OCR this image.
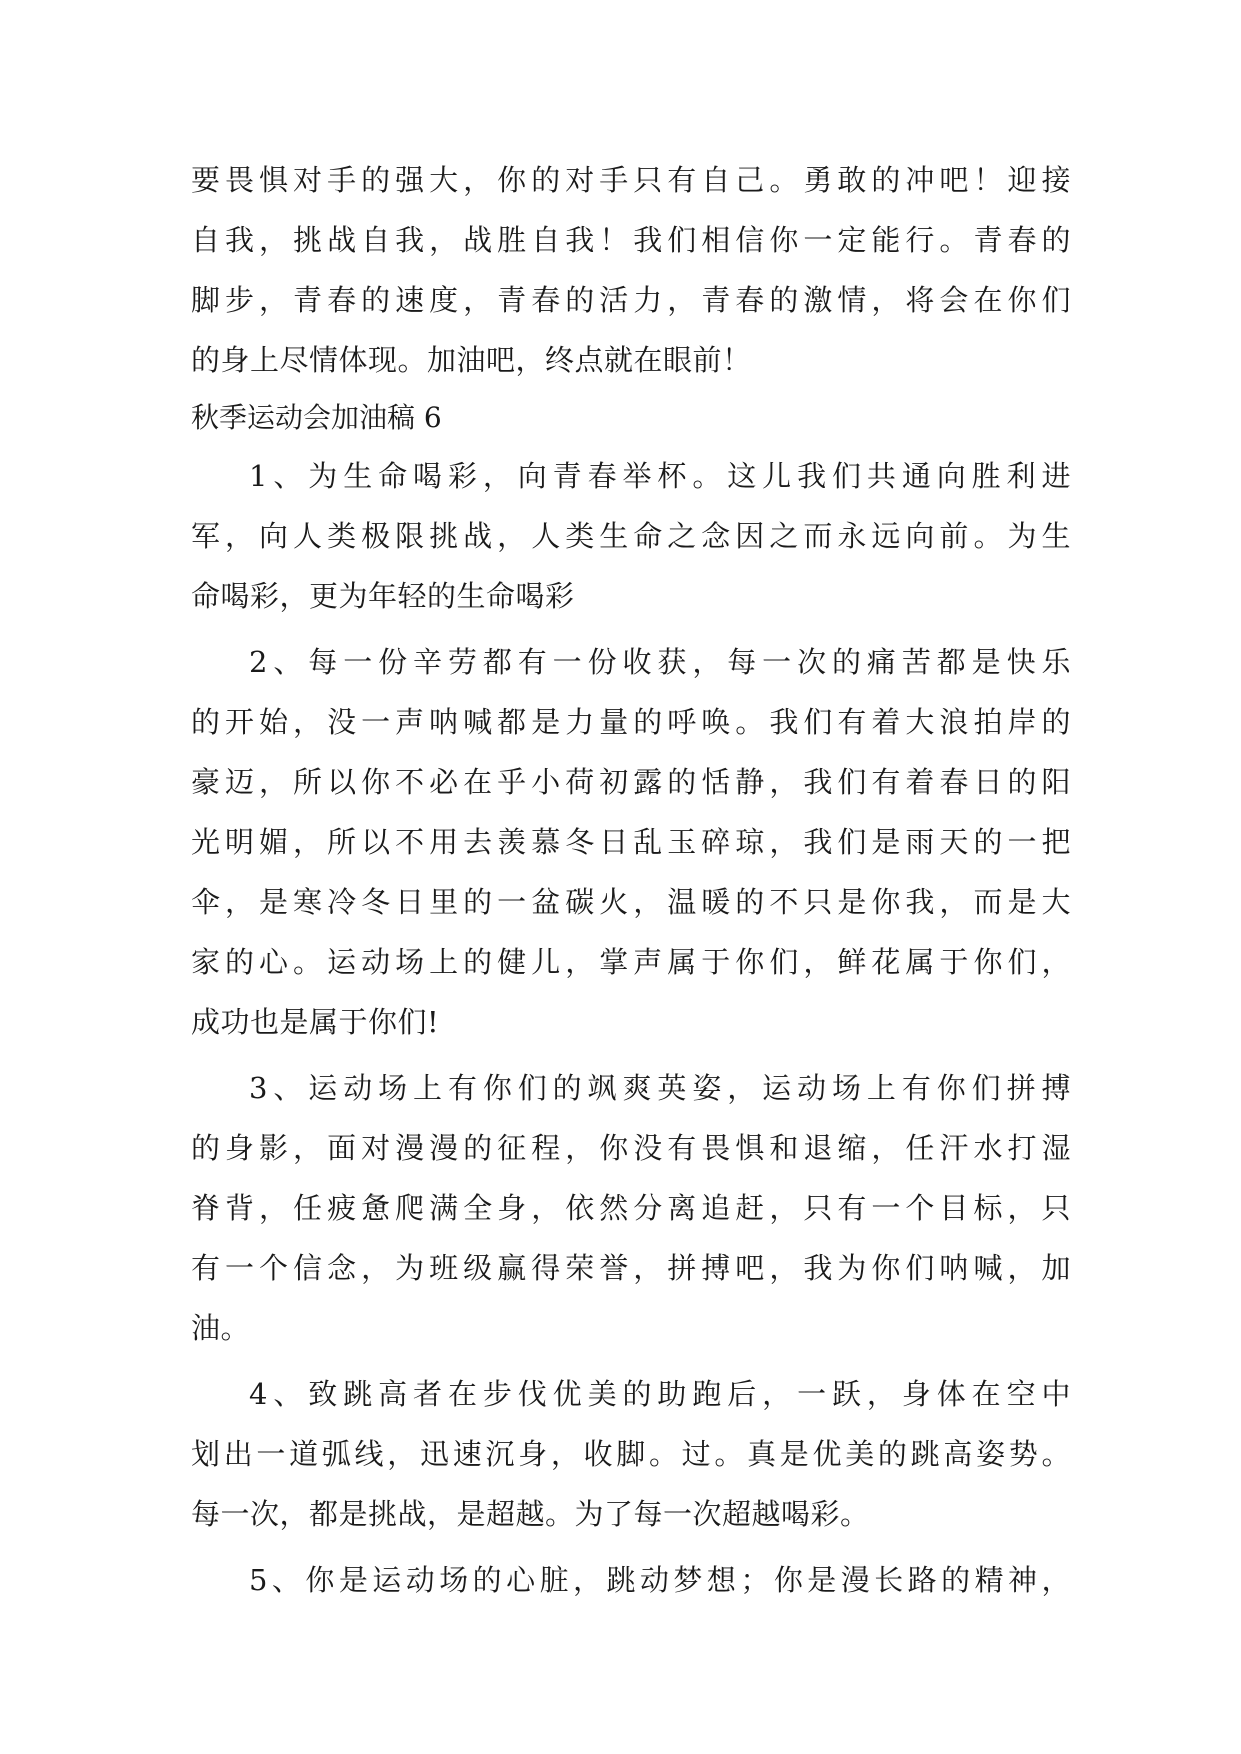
要畏惧对手的强大，你的对手只有自己。勇敢的冲吧！迎接
自我，挑战自我，战胜自我！我们相信你一定能行。青春的
脚步，青春的速度，青春的活力，青春的激情，将会在你们
的身上尽情体现。加油吧，终点就在眼前！
秋季运动会加油稿 6
1、为生命喝彩，向青春举杯。这儿我们共通向胜利进
军，向人类极限挑战，人类生命之念因之而永远向前。为生
命喝彩，更为年轻的生命喝彩
2、每一份辛劳都有一份收获，每一次的痛苦都是快乐
的开始，没一声呐喊都是力量的呼唤。我们有着大浪拍岸的
豪迈，所以你不必在乎小荷初露的恬静，我们有着春日的阳
光明媚，所以不用去羡慕冬日乱玉碎琼，我们是雨天的一把
伞，是寒冷冬日里的一盆碳火，温暖的不只是你我，而是大
家的心。运动场上的健儿，掌声属于你们，鲜花属于你们，
成功也是属于你们!
3、运动场上有你们的飒爽英姿，运动场上有你们拼搏
的身影，面对漫漫的征程，你没有畏惧和退缩，任汗水打湿
脊背，任疲惫爬满全身，依然分离追赶，只有一个目标，只
有一个信念，为班级赢得荣誉，拼搏吧，我为你们呐喊，加
油。
4、致跳高者在步伐优美的助跑后，一跃，身体在空中
划出一道弧线，迅速沉身，收脚。过。真是优美的跳高姿势。
每一次，都是挑战，是超越。为了每一次超越喝彩。
5、你是运动场的心脏，跳动梦想；你是漫长路的精神，
